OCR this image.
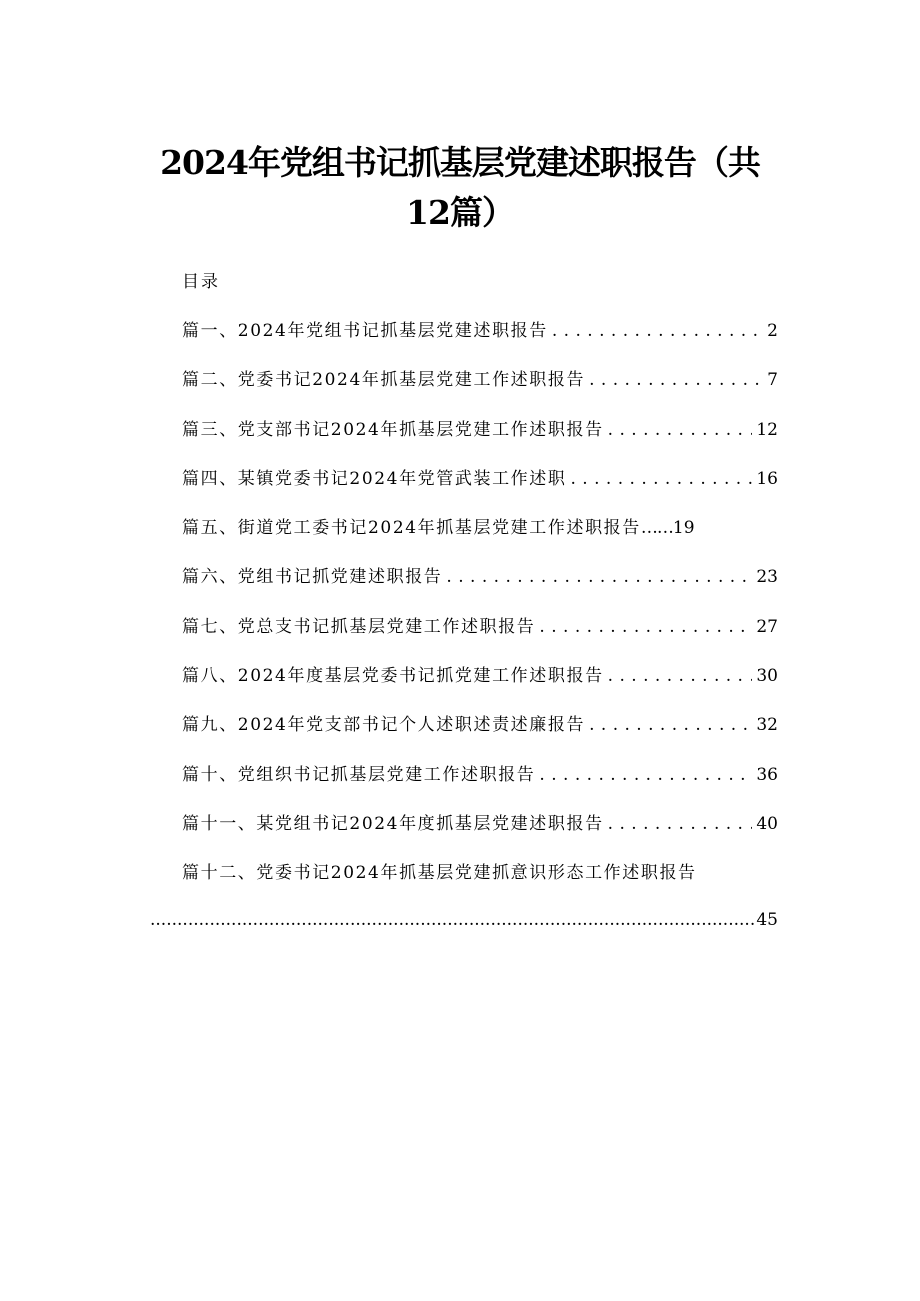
2024年党组书记抓基层党建述职报告（共
12篇）
目录
篇一、2024年党组书记抓基层党建述职报告 . . .	2
篇二、党委书记2024年抓基层党建工作述职报告 . . .	7
篇三、党支部书记2024年抓基层党建工作述职报告 . . .	12
篇四、某镇党委书记2024年党管武装工作述职 . . .	16
篇五、街道党工委书记2024年抓基层党建工作述职报告 …… 19
篇六、党组书记抓党建述职报告 . . .	23
篇七、党总支书记抓基层党建工作述职报告 . . .	27
篇八、2024年度基层党委书记抓党建工作述职报告 . . .	30
篇九、2024年党支部书记个人述职述责述廉报告 . . .	32
篇十、党组织书记抓基层党建工作述职报告 . . .	36
篇十一、某党组书记2024年度抓基层党建述职报告 . . .	40
篇十二、党委书记2024年抓基层党建抓意识形态工作述职报告
.....
45
